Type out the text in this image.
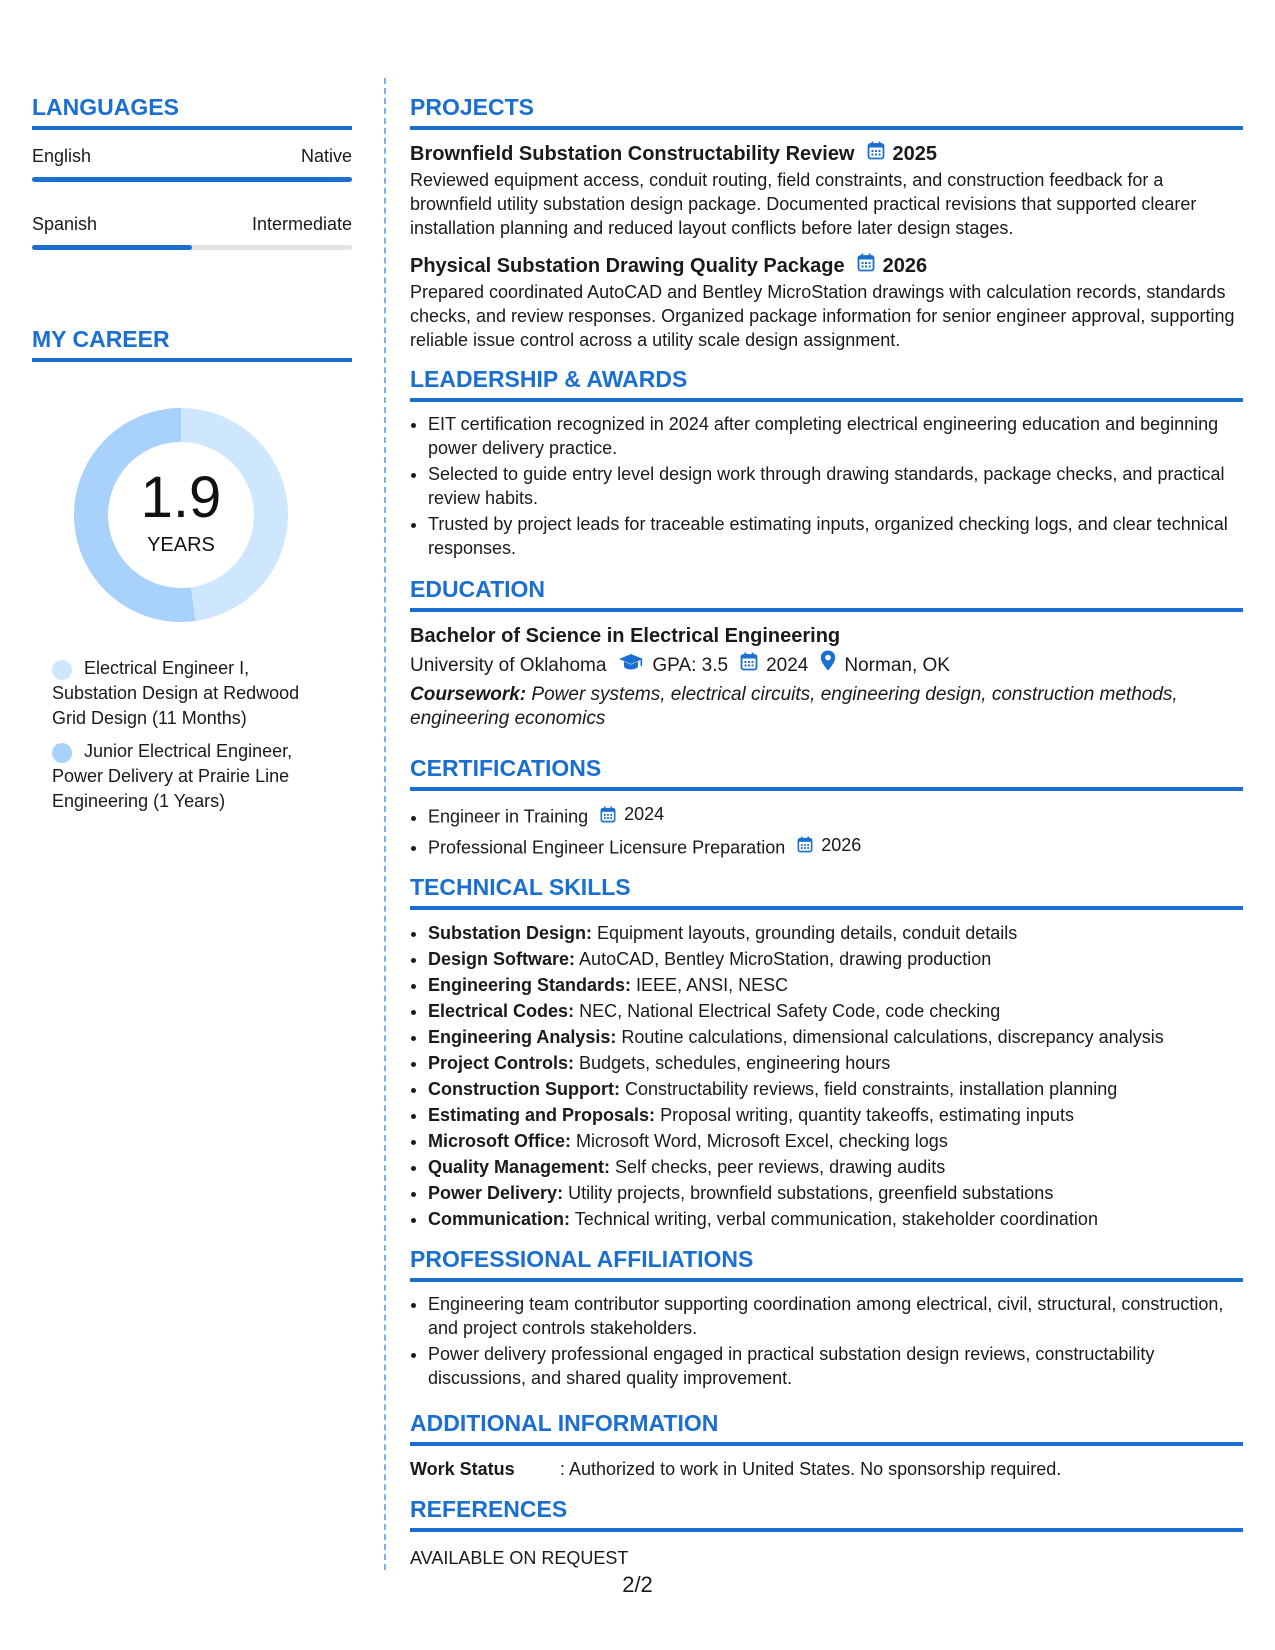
LANGUAGES
English	Native
Spanish	Intermediate
MY CAREER
1.9
YEARS
Electrical Engineer I, Substation Design at Redwood Grid Design (11 Months)
Junior Electrical Engineer, Power Delivery at Prairie Line Engineering (1 Years)
PROJECTS
Brownfield Substation Constructability Review 2025
Reviewed equipment access, conduit routing, field constraints, and construction feedback for a brownfield utility substation design package. Documented practical revisions that supported clearer installation planning and reduced layout conflicts before later design stages.
Physical Substation Drawing Quality Package 2026
Prepared coordinated AutoCAD and Bentley MicroStation drawings with calculation records, standards checks, and review responses. Organized package information for senior engineer approval, supporting reliable issue control across a utility scale design assignment.
LEADERSHIP & AWARDS
• EIT certification recognized in 2024 after completing electrical engineering education and beginning power delivery practice.
• Selected to guide entry level design work through drawing standards, package checks, and practical review habits.
• Trusted by project leads for traceable estimating inputs, organized checking logs, and clear technical responses.
EDUCATION
Bachelor of Science in Electrical Engineering
University of Oklahoma GPA: 3.5 2024 Norman, OK
Coursework: Power systems, electrical circuits, engineering design, construction methods, engineering economics
CERTIFICATIONS
• Engineer in Training 2024
• Professional Engineer Licensure Preparation 2026
TECHNICAL SKILLS
• Substation Design: Equipment layouts, grounding details, conduit details
• Design Software: AutoCAD, Bentley MicroStation, drawing production
• Engineering Standards: IEEE, ANSI, NESC
• Electrical Codes: NEC, National Electrical Safety Code, code checking
• Engineering Analysis: Routine calculations, dimensional calculations, discrepancy analysis
• Project Controls: Budgets, schedules, engineering hours
• Construction Support: Constructability reviews, field constraints, installation planning
• Estimating and Proposals: Proposal writing, quantity takeoffs, estimating inputs
• Microsoft Office: Microsoft Word, Microsoft Excel, checking logs
• Quality Management: Self checks, peer reviews, drawing audits
• Power Delivery: Utility projects, brownfield substations, greenfield substations
• Communication: Technical writing, verbal communication, stakeholder coordination
PROFESSIONAL AFFILIATIONS
• Engineering team contributor supporting coordination among electrical, civil, structural, construction, and project controls stakeholders.
• Power delivery professional engaged in practical substation design reviews, constructability discussions, and shared quality improvement.
ADDITIONAL INFORMATION
Work Status	: Authorized to work in United States. No sponsorship required.
REFERENCES
AVAILABLE ON REQUEST
2/2
